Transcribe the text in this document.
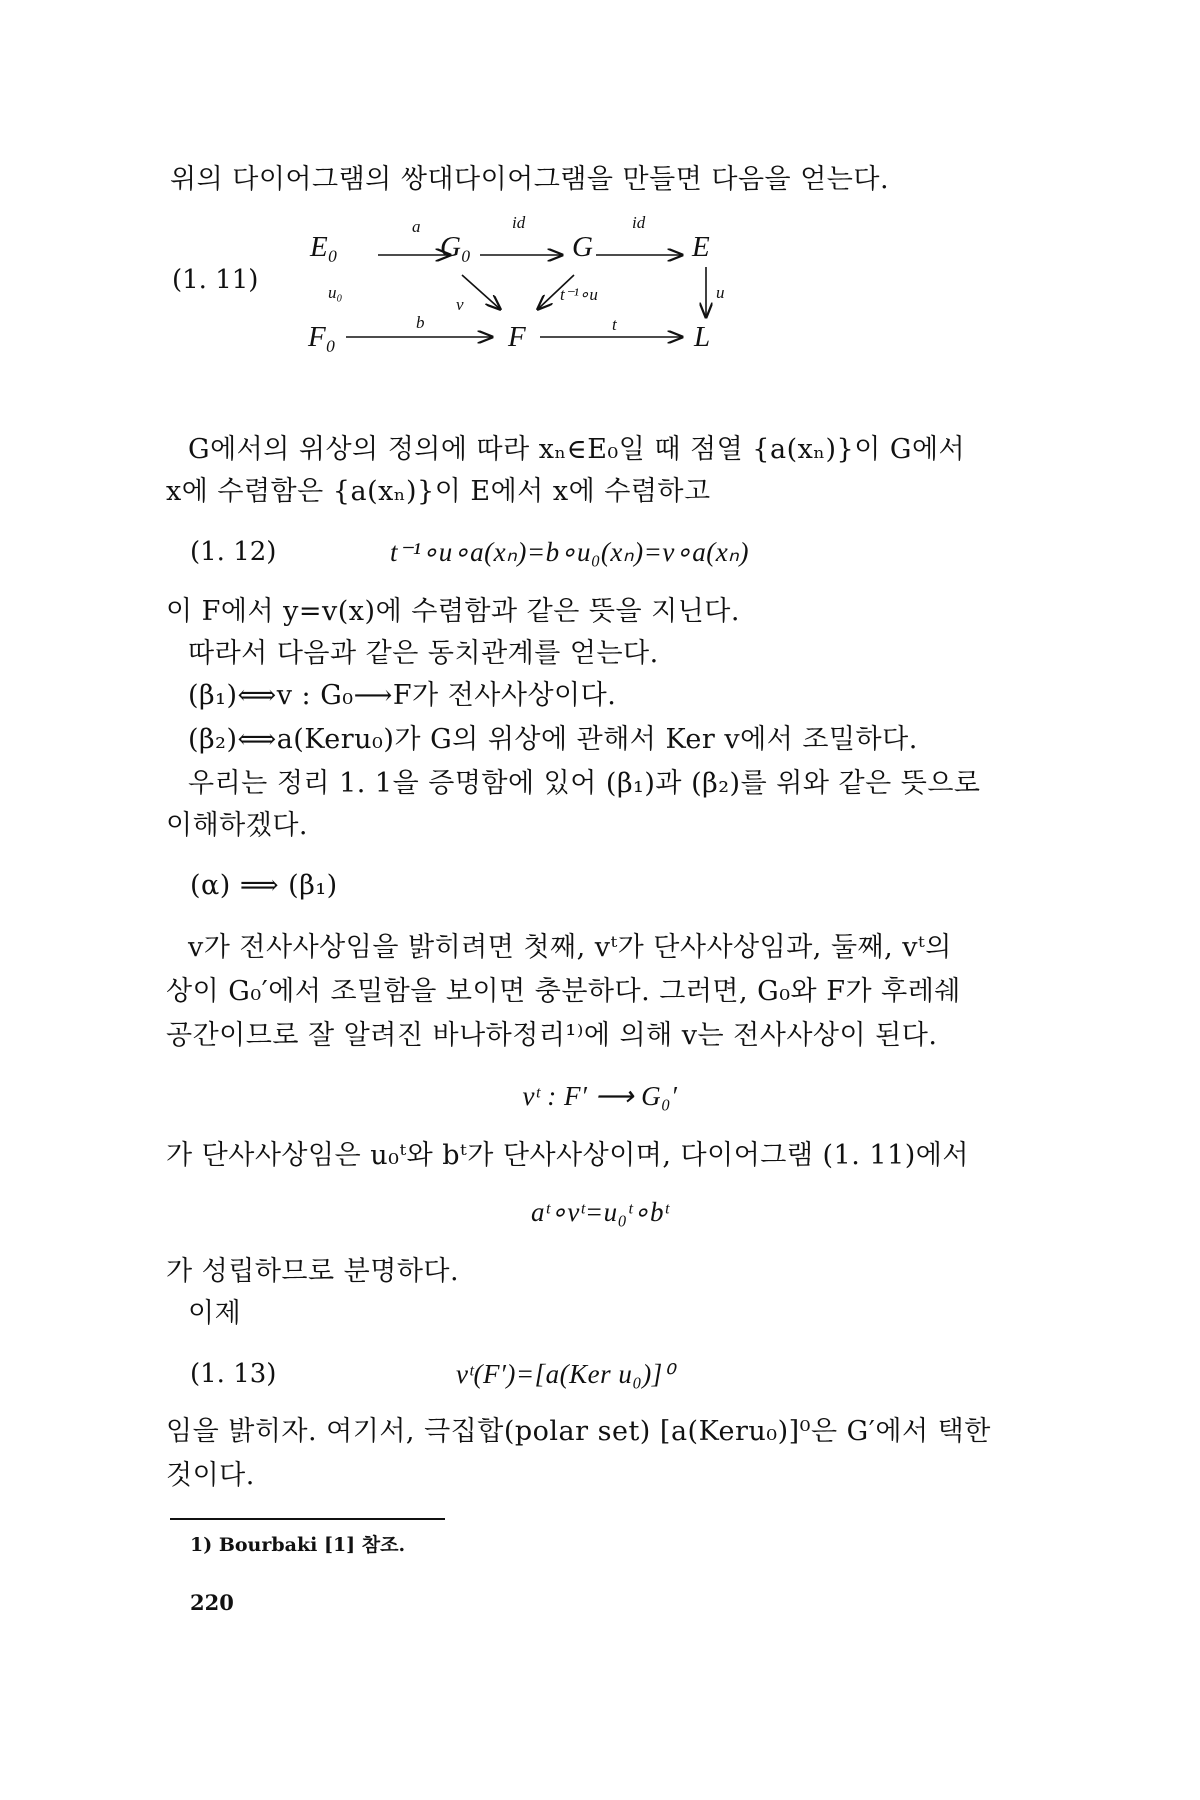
위의 다이어그램의 쌍대다이어그램을 만들면 다음을 얻는다.
(1. 11)
E₀	G₀	G	E
F₀	F	L
a	id	id
u₀
v
t⁻¹∘u	u
b	t
G에서의 위상의 정의에 따라 xₙ∈E₀일 때 점열 {a(xₙ)}이 G에서
x에 수렴함은 {a(xₙ)}이 E에서 x에 수렴하고
(1. 12)	t⁻¹∘u∘a(xₙ)=b∘u₀(xₙ)=v∘a(xₙ)
이 F에서 y=v(x)에 수렴함과 같은 뜻을 지닌다.
따라서 다음과 같은 동치관계를 얻는다.
(β₁)⟺v : G₀⟶F가 전사사상이다.
(β₂)⟺a(Keru₀)가 G의 위상에 관해서 Ker v에서 조밀하다.
우리는 정리 1. 1을 증명함에 있어 (β₁)과 (β₂)를 위와 같은 뜻으로
이해하겠다.
(α) ⟹ (β₁)
v가 전사사상임을 밝히려면 첫째, vᵗ가 단사사상임과, 둘째, vᵗ의
상이 G₀′에서 조밀함을 보이면 충분하다. 그러면, G₀와 F가 후레쉐
공간이므로 잘 알려진 바나하정리¹⁾에 의해 v는 전사사상이 된다.
vᵗ : F′ ⟶ G₀′
가 단사사상임은 u₀ᵗ와 bᵗ가 단사사상이며, 다이어그램 (1. 11)에서
aᵗ∘vᵗ=u₀ᵗ∘bᵗ
가 성립하므로 분명하다.
이제
(1. 13)	vᵗ(F′)=[a(Ker u₀)]⁰
임을 밝히자. 여기서, 극집합(polar set) [a(Keru₀)]⁰은 G′에서 택한
것이다.
1) Bourbaki [1] 참조.
220
